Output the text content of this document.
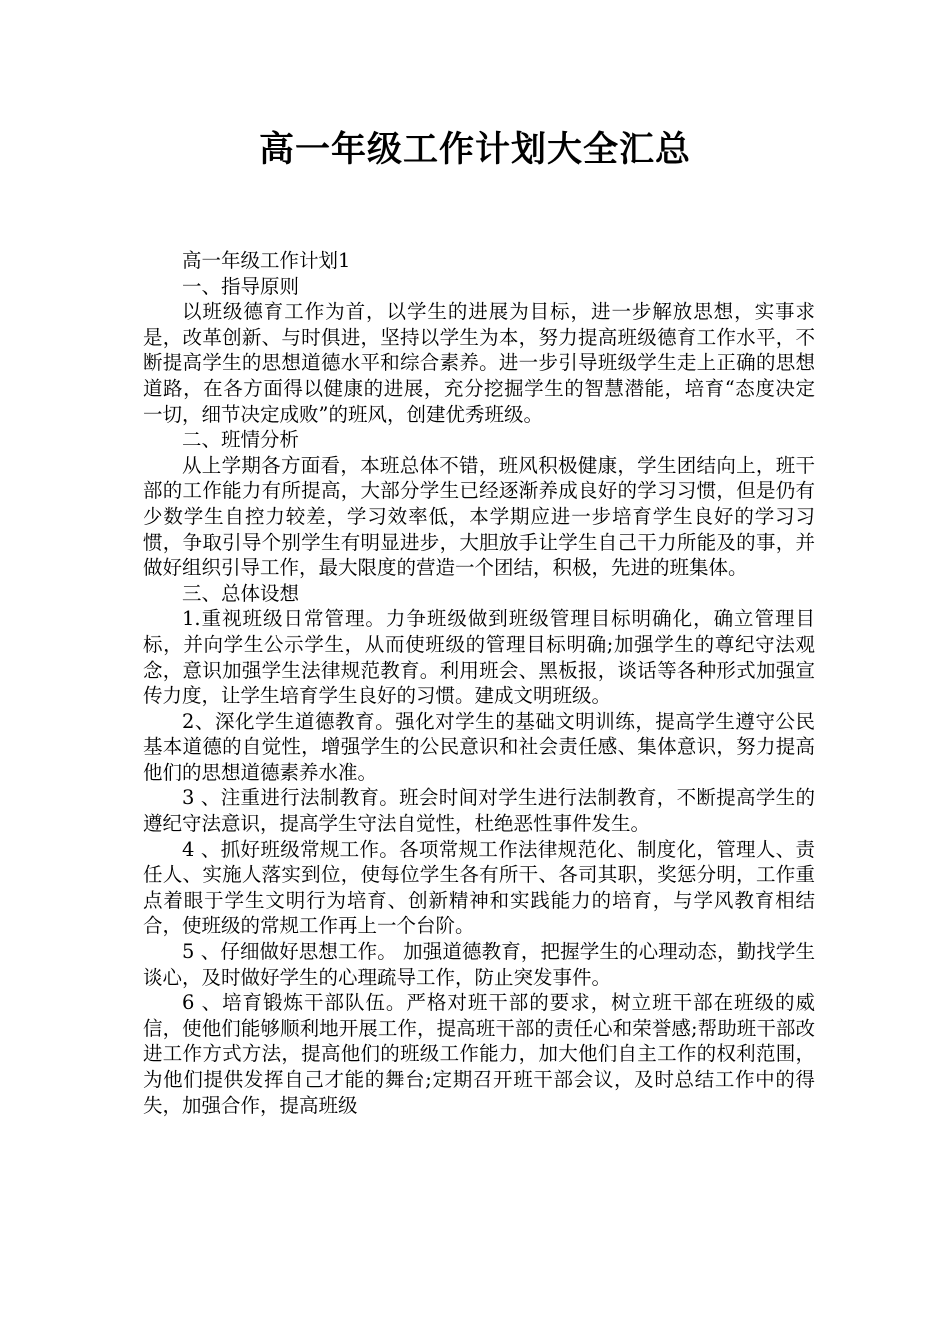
高一年级工作计划大全汇总

高一年级工作计划1

一、指导原则

以班级德育工作为首，以学生的进展为目标，进一步解放思想，实事求是，改革创新、与时俱进，坚持以学生为本，努力提高班级德育工作水平，不断提高学生的思想道德水平和综合素养。进一步引导班级学生走上正确的思想道路，在各方面得以健康的进展，充分挖掘学生的智慧潜能，培育“态度决定一切，细节决定成败”的班风，创建优秀班级。

二、班情分析

从上学期各方面看，本班总体不错，班风积极健康，学生团结向上，班干部的工作能力有所提高，大部分学生已经逐渐养成良好的学习习惯，但是仍有少数学生自控力较差，学习效率低，本学期应进一步培育学生良好的学习习惯，争取引导个别学生有明显进步，大胆放手让学生自己干力所能及的事，并做好组织引导工作，最大限度的营造一个团结，积极，先进的班集体。

三、总体设想

1.重视班级日常管理。力争班级做到班级管理目标明确化，确立管理目标，并向学生公示学生，从而使班级的管理目标明确;加强学生的尊纪守法观念，意识加强学生法律规范教育。利用班会、黑板报，谈话等各种形式加强宣传力度，让学生培育学生良好的习惯。建成文明班级。

2、深化学生道德教育。强化对学生的基础文明训练，提高学生遵守公民基本道德的自觉性，增强学生的公民意识和社会责任感、集体意识，努力提高他们的思想道德素养水准。

3 、注重进行法制教育。班会时间对学生进行法制教育，不断提高学生的遵纪守法意识，提高学生守法自觉性，杜绝恶性事件发生。

4 、抓好班级常规工作。各项常规工作法律规范化、制度化，管理人、责任人、实施人落实到位，使每位学生各有所干、各司其职，奖惩分明，工作重点着眼于学生文明行为培育、创新精神和实践能力的培育，与学风教育相结合，使班级的常规工作再上一个台阶。

5 、仔细做好思想工作。 加强道德教育，把握学生的心理动态，勤找学生谈心，及时做好学生的心理疏导工作，防止突发事件。

6 、培育锻炼干部队伍。严格对班干部的要求，树立班干部在班级的威信，使他们能够顺利地开展工作，提高班干部的责任心和荣誉感;帮助班干部改进工作方式方法，提高他们的班级工作能力，加大他们自主工作的权利范围，为他们提供发挥自己才能的舞台;定期召开班干部会议，及时总结工作中的得失，加强合作，提高班级
